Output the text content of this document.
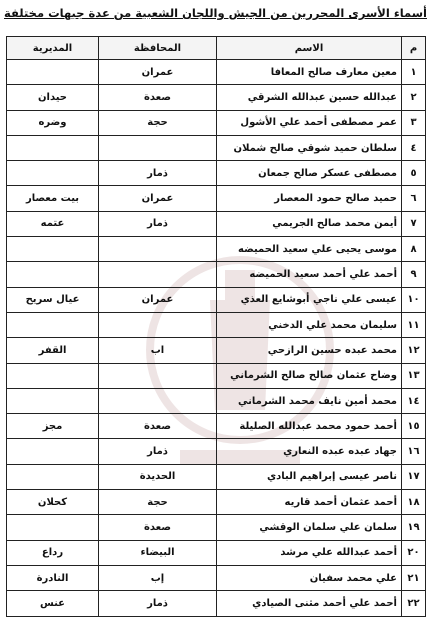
أسماء الأسرى المحررين من الجيش واللجان الشعبية من عدة جبهات مختلفة
م	الاسم	المحافظة	المديرية
١	معين معارف صالح المعافا	عمران	
٢	عبدالله حسين عبدالله الشرقي	صعدة	حيدان
٣	عمر مصطفى أحمد علي الأشول	حجة	وضره
٤	سلطان حميد شوقي صالح شملان		
٥	مصطفى عسكر صالح جمعان	ذمار	
٦	حميد صالح حمود المعصار	عمران	بيت معصار
٧	أيمن محمد صالح الجريمي	ذمار	عتمه
٨	موسى يحيى علي سعيد الحميضه		
٩	أحمد علي أحمد سعيد الحميضه		
١٠	عيسى علي ناجي أبوشايع العذي	عمران	عيال سريح
١١	سليمان محمد علي الدخني		
١٢	محمد عبده حسين الرازحي	اب	القفر
١٣	وضاح عثمان صالح صالح الشرماني		
١٤	محمد أمين نايف محمد الشرماني		
١٥	أحمد حمود محمد عبدالله الصليلة	صعدة	مجز
١٦	جهاد عبده عبده النعاري	ذمار	
١٧	ناصر عيسى إبراهيم البادي	الحديدة	
١٨	أحمد عثمان أحمد قاريه	حجة	كحلان
١٩	سلمان علي سلمان الوقشي	صعدة	
٢٠	أحمد عبدالله علي مرشد	البيضاء	رداع
٢١	علي محمد سفيان	إب	النادرة
٢٢	أحمد علي أحمد مثنى الصيادي	ذمار	عنس
